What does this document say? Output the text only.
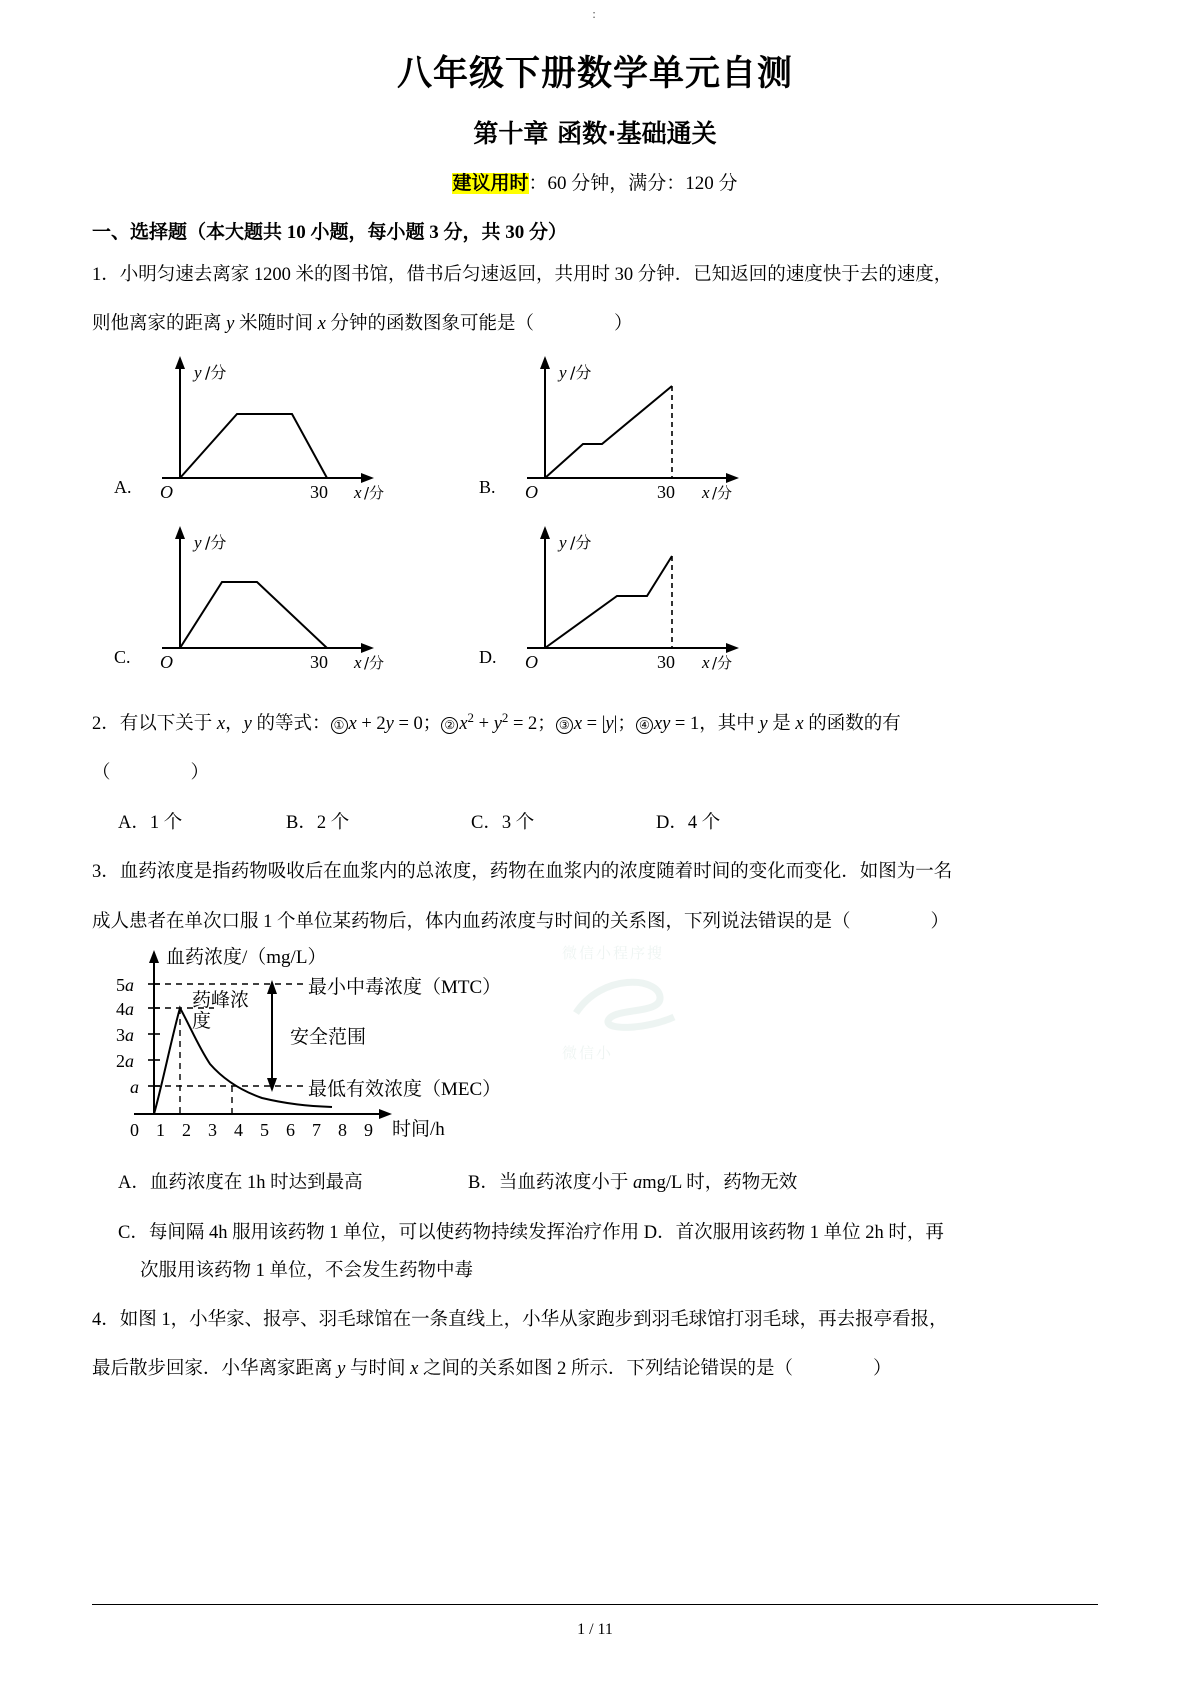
:
八年级下册数学单元自测
第十章 函数·基础通关
建议用时：60 分钟，满分：120 分
一、选择题（本大题共 10 小题，每小题 3 分，共 30 分）
1．小明匀速去离家 1200 米的图书馆，借书后匀速返回，共用时 30 分钟．已知返回的速度快于去的速度，
则他离家的距离 y 米随时间 x 分钟的函数图象可能是（	）
y /分
O	30 x /分
A.
y /分
O	30 x /分
B.
y /分
O	30 x /分
C.
y /分
O	30 x /分
D.
微信小程序搜
微信小
2．有以下关于 x，y 的等式： ① x + 2y = 0； ② $x^2 + y^2 = 2$； ③ x = |y|； ④ xy = 1，其中 y 是 x 的函数的有
（	）
A．1 个	B．2 个	C．3 个	D．4 个
3．血药浓度是指药物吸收后在血浆内的总浓度，药物在血浆内的浓度随着时间的变化而变化．如图为一名
成人患者在单次口服 1 个单位某药物后，体内血药浓度与时间的关系图，下列说法错误的是（	）
5a
4a
3a
2a
a
0 1 2 3 4 5 6 7 8 9
血药浓度/（mg/L）
最小中毒浓度（MTC）
药峰浓度
安全范围
最低有效浓度（MEC）
时间/h
A．血药浓度在 1h 时达到最高	B．当血药浓度小于 amg/L 时，药物无效
C．每间隔 4h 服用该药物 1 单位，可以使药物持续发挥治疗作用 D．首次服用该药物 1 单位 2h 时，再
次服用该药物 1 单位，不会发生药物中毒
4．如图 1，小华家、报亭、羽毛球馆在一条直线上，小华从家跑步到羽毛球馆打羽毛球，再去报亭看报，
最后散步回家．小华离家距离 y 与时间 x 之间的关系如图 2 所示．下列结论错误的是（	）
1 / 11
